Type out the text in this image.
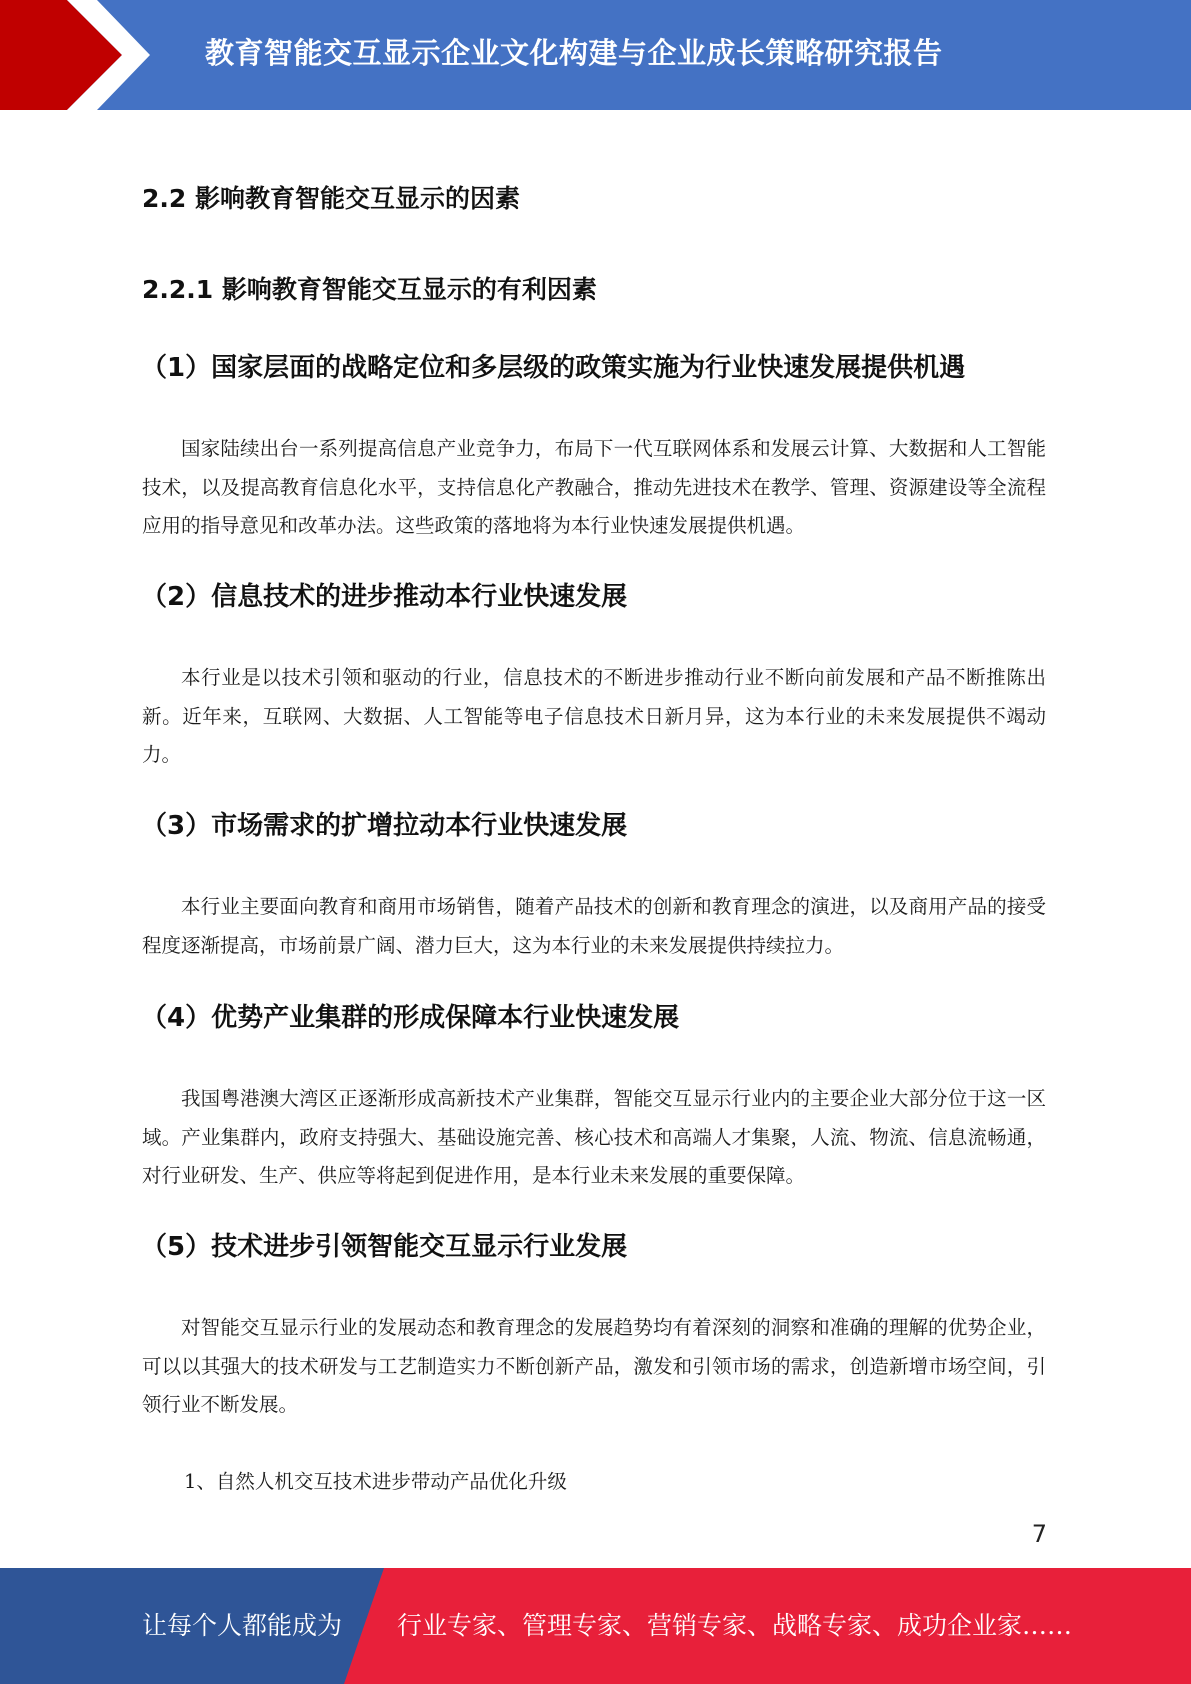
教育智能交互显示企业文化构建与企业成长策略研究报告
2.2 影响教育智能交互显示的因素
2.2.1 影响教育智能交互显示的有利因素
（1）国家层面的战略定位和多层级的政策实施为行业快速发展提供机遇
国家陆续出台一系列提高信息产业竞争力，布局下一代互联网体系和发展云计算、大数据和人工智能技术，以及提高教育信息化水平，支持信息化产教融合，推动先进技术在教学、管理、资源建设等全流程应用的指导意见和改革办法。这些政策的落地将为本行业快速发展提供机遇。
（2）信息技术的进步推动本行业快速发展
本行业是以技术引领和驱动的行业，信息技术的不断进步推动行业不断向前发展和产品不断推陈出新。近年来，互联网、大数据、人工智能等电子信息技术日新月异，这为本行业的未来发展提供不竭动力。
（3）市场需求的扩增拉动本行业快速发展
本行业主要面向教育和商用市场销售，随着产品技术的创新和教育理念的演进，以及商用产品的接受程度逐渐提高，市场前景广阔、潜力巨大，这为本行业的未来发展提供持续拉力。
（4）优势产业集群的形成保障本行业快速发展
我国粤港澳大湾区正逐渐形成高新技术产业集群，智能交互显示行业内的主要企业大部分位于这一区域。产业集群内，政府支持强大、基础设施完善、核心技术和高端人才集聚，人流、物流、信息流畅通，对行业研发、生产、供应等将起到促进作用，是本行业未来发展的重要保障。
（5）技术进步引领智能交互显示行业发展
对智能交互显示行业的发展动态和教育理念的发展趋势均有着深刻的洞察和准确的理解的优势企业，可以以其强大的技术研发与工艺制造实力不断创新产品，激发和引领市场的需求，创造新增市场空间，引领行业不断发展。
1、自然人机交互技术进步带动产品优化升级
7
让每个人都能成为 行业专家、管理专家、营销专家、战略专家、成功企业家……
